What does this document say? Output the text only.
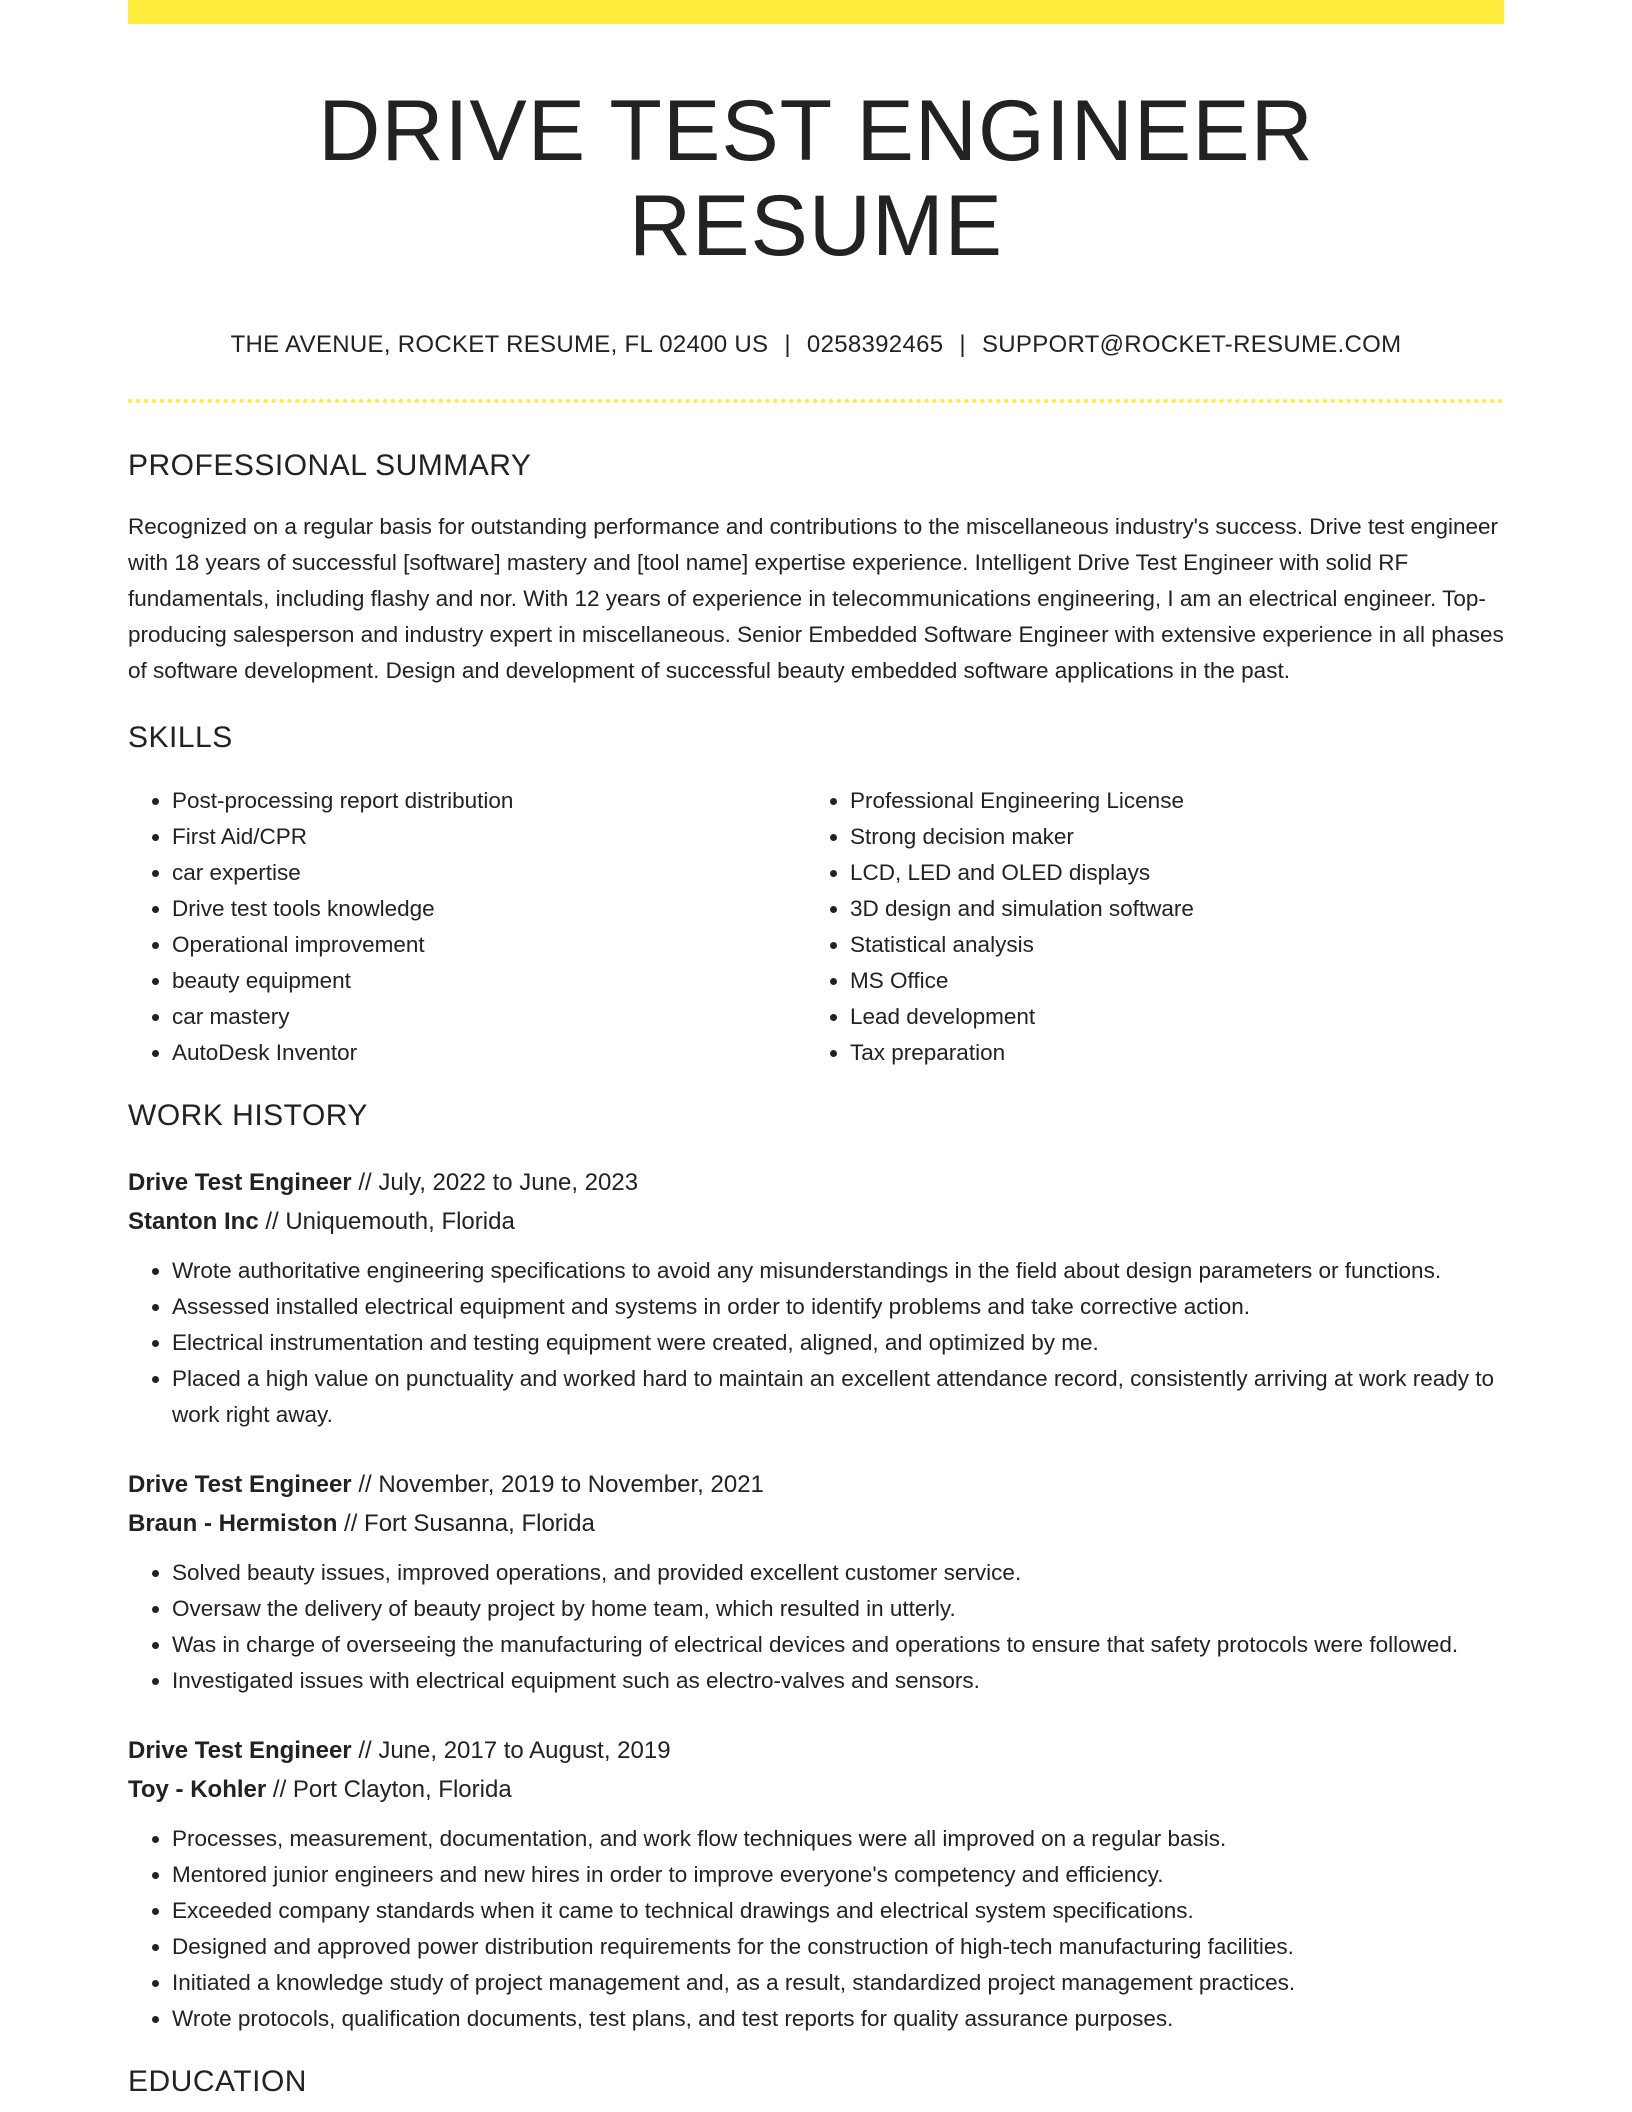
DRIVE TEST ENGINEER RESUME
THE AVENUE, ROCKET RESUME, FL 02400 US | 0258392465 | SUPPORT@ROCKET-RESUME.COM
PROFESSIONAL SUMMARY
Recognized on a regular basis for outstanding performance and contributions to the miscellaneous industry's success. Drive test engineer with 18 years of successful [software] mastery and [tool name] expertise experience. Intelligent Drive Test Engineer with solid RF fundamentals, including flashy and nor. With 12 years of experience in telecommunications engineering, I am an electrical engineer. Top-producing salesperson and industry expert in miscellaneous. Senior Embedded Software Engineer with extensive experience in all phases of software development. Design and development of successful beauty embedded software applications in the past.
SKILLS
• Post-processing report distribution
• First Aid/CPR
• car expertise
• Drive test tools knowledge
• Operational improvement
• beauty equipment
• car mastery
• AutoDesk Inventor
• Professional Engineering License
• Strong decision maker
• LCD, LED and OLED displays
• 3D design and simulation software
• Statistical analysis
• MS Office
• Lead development
• Tax preparation
WORK HISTORY
Drive Test Engineer // July, 2022 to June, 2023
Stanton Inc // Uniquemouth, Florida
• Wrote authoritative engineering specifications to avoid any misunderstandings in the field about design parameters or functions.
• Assessed installed electrical equipment and systems in order to identify problems and take corrective action.
• Electrical instrumentation and testing equipment were created, aligned, and optimized by me.
• Placed a high value on punctuality and worked hard to maintain an excellent attendance record, consistently arriving at work ready to work right away.
Drive Test Engineer // November, 2019 to November, 2021
Braun - Hermiston // Fort Susanna, Florida
• Solved beauty issues, improved operations, and provided excellent customer service.
• Oversaw the delivery of beauty project by home team, which resulted in utterly.
• Was in charge of overseeing the manufacturing of electrical devices and operations to ensure that safety protocols were followed.
• Investigated issues with electrical equipment such as electro-valves and sensors.
Drive Test Engineer // June, 2017 to August, 2019
Toy - Kohler // Port Clayton, Florida
• Processes, measurement, documentation, and work flow techniques were all improved on a regular basis.
• Mentored junior engineers and new hires in order to improve everyone's competency and efficiency.
• Exceeded company standards when it came to technical drawings and electrical system specifications.
• Designed and approved power distribution requirements for the construction of high-tech manufacturing facilities.
• Initiated a knowledge study of project management and, as a result, standardized project management practices.
• Wrote protocols, qualification documents, test plans, and test reports for quality assurance purposes.
EDUCATION
